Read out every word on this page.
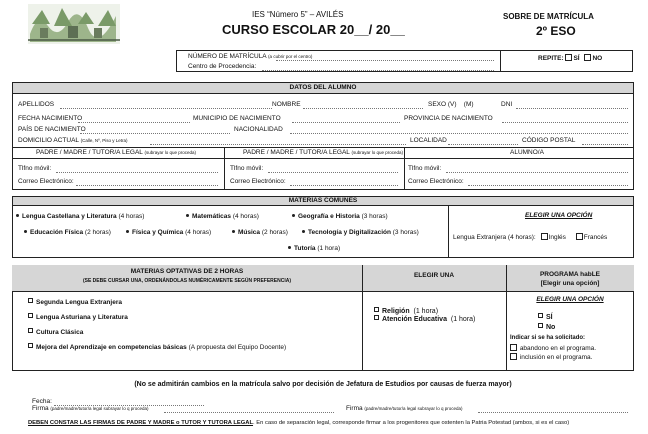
IES “Número 5” – AVILÉS
CURSO ESCOLAR 20__/ 20__
SOBRE DE MATRÍCULA
2º ESO
NÚMERO DE MATRÍCULA (a cubrir por el centro)
Centro de Procedencia:
REPITE: SÍ NO
DATOS DEL ALUMNO
APELLIDOS	NOMBRE	SEXO (V) (M)	DNI
FECHA NACIMIENTO	MUNICIPIO DE NACIMIENTO	PROVINCIA DE NACIMIENTO
PAÍS DE NACIMIENTO	NACIONALIDAD
DOMICILIO ACTUAL (Calle, Nº, Piso y Letra)	LOCALIDAD	CÓDIGO POSTAL
PADRE / MADRE / TUTOR/A LEGAL (subrayar lo que proceda)	PADRE / MADRE / TUTOR/A LEGAL (subrayar lo que proceda)	ALUMNO/A
Tlfno móvil:	Tlfno móvil:	Tlfno móvil:
Correo Electrónico:	Correo Electrónico:	Correo Electrónico:
MATERIAS COMUNES
Lengua Castellana y Literatura (4 horas)	Matemáticas (4 horas)	Geografía e Historia (3 horas)
Educación Física (2 horas)	Física y Química (4 horas)	Música (2 horas)	Tecnología y Digitalización (3 horas)
Tutoría (1 hora)
ELEGIR UNA OPCIÓN
Lengua Extranjera (4 horas): Inglés	Francés
MATERIAS OPTATIVAS DE 2 HORAS
(SE DEBE CURSAR UNA, ORDENÁNDOLAS NUMÉRICAMENTE SEGÚN PREFERENCIA)
ELEGIR UNA	PROGRAMA habLE
[Elegir una opción]
Segunda Lengua Extranjera
Lengua Asturiana y Literatura
Cultura Clásica
Mejora del Aprendizaje en competencias básicas (A propuesta del Equipo Docente)
Religión (1 hora)
Atención Educativa (1 hora)
ELEGIR UNA OPCIÓN
SÍ
No
Indicar si se ha solicitado:
abandono en el programa.
inclusión en el programa.
(No se admitirán cambios en la matrícula salvo por decisión de Jefatura de Estudios por causas de fuerza mayor)
Fecha:
Firma (padre/madre/tutor/a legal subrayar lo q proceda)	Firma (padre/madre/tutor/a legal subrayar lo q proceda)
DEBEN CONSTAR LAS FIRMAS DE PADRE Y MADRE o TUTOR Y TUTORA LEGAL. En caso de separación legal, corresponde firmar a los progenitores que ostenten la Patria Potestad (ambos, si es el caso)
